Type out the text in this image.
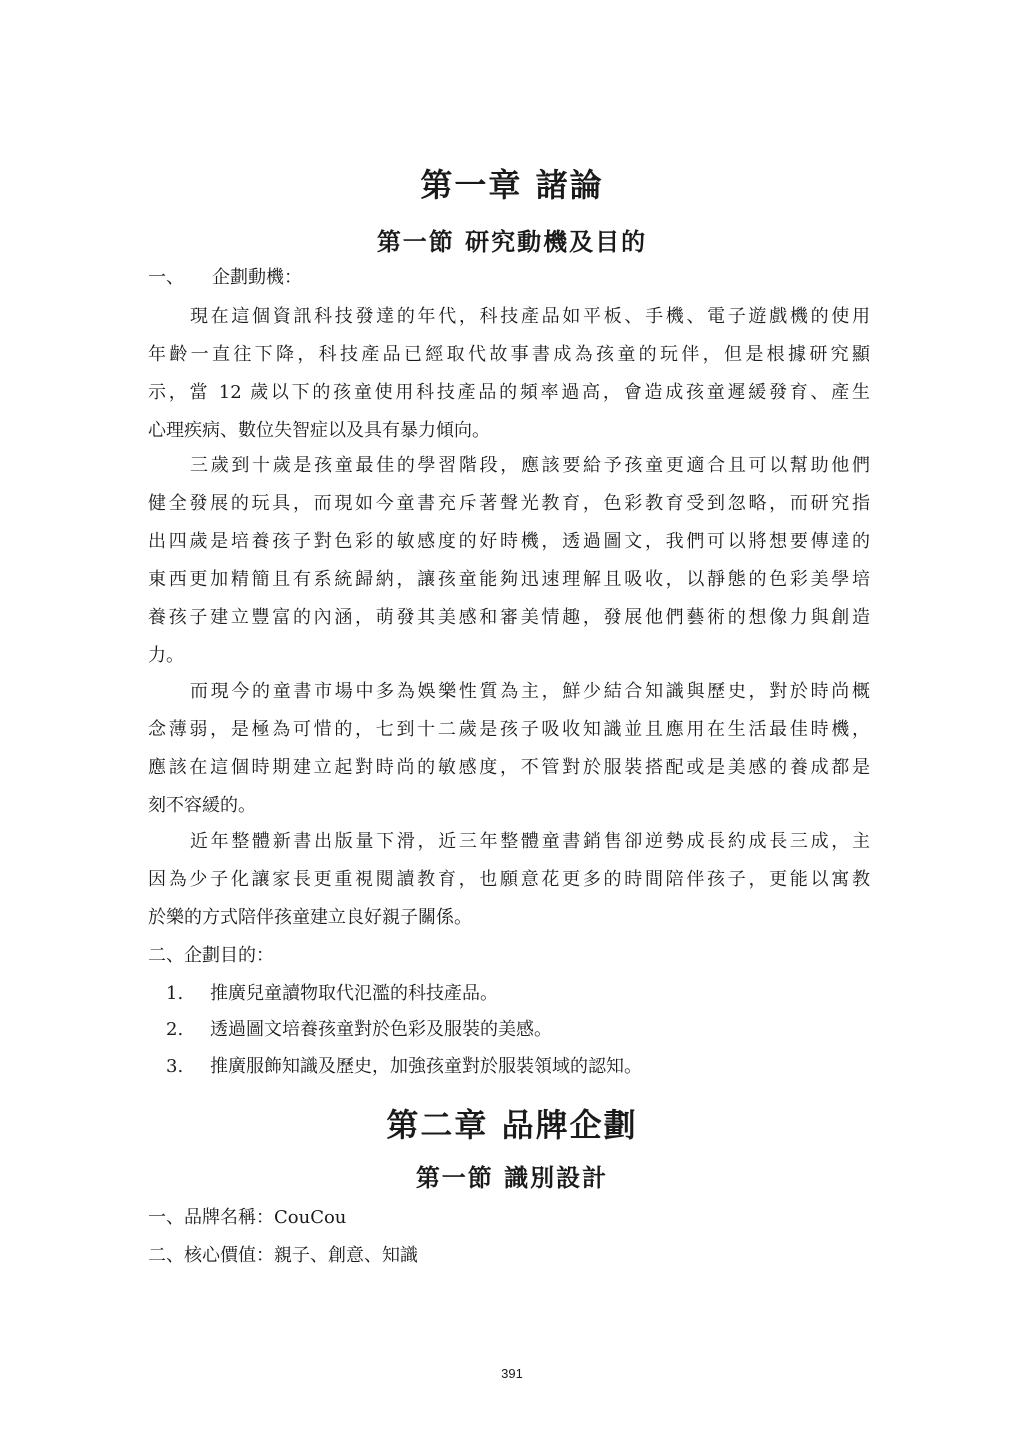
第一章 諸論
第一節 研究動機及目的

一、 企劃動機：

現在這個資訊科技發達的年代，科技產品如平板、手機、電子遊戲機的使用

年齡一直往下降，科技產品已經取代故事書成為孩童的玩伴，但是根據研究顯

示，當 12 歲以下的孩童使用科技產品的頻率過高，會造成孩童遲緩發育、產生

心理疾病、數位失智症以及具有暴力傾向。

三歲到十歲是孩童最佳的學習階段，應該要給予孩童更適合且可以幫助他們

健全發展的玩具，而現如今童書充斥著聲光教育，色彩教育受到忽略，而研究指

出四歲是培養孩子對色彩的敏感度的好時機，透過圖文，我們可以將想要傳達的

東西更加精簡且有系統歸納，讓孩童能夠迅速理解且吸收，以靜態的色彩美學培

養孩子建立豐富的內涵，萌發其美感和審美情趣，發展他們藝術的想像力與創造

力。

而現今的童書市場中多為娛樂性質為主，鮮少結合知識與歷史，對於時尚概

念薄弱，是極為可惜的，七到十二歲是孩子吸收知識並且應用在生活最佳時機，

應該在這個時期建立起對時尚的敏感度，不管對於服裝搭配或是美感的養成都是

刻不容緩的。

近年整體新書出版量下滑，近三年整體童書銷售卻逆勢成長約成長三成，主

因為少子化讓家長更重視閱讀教育，也願意花更多的時間陪伴孩子，更能以寓教

於樂的方式陪伴孩童建立良好親子關係。

二、企劃目的：

1. 推廣兒童讀物取代氾濫的科技產品。
2. 透過圖文培養孩童對於色彩及服裝的美感。
3. 推廣服飾知識及歷史，加強孩童對於服裝領域的認知。
第二章 品牌企劃
第一節 識別設計

一、品牌名稱：CouCou

二、核心價值：親子、創意、知識

391
